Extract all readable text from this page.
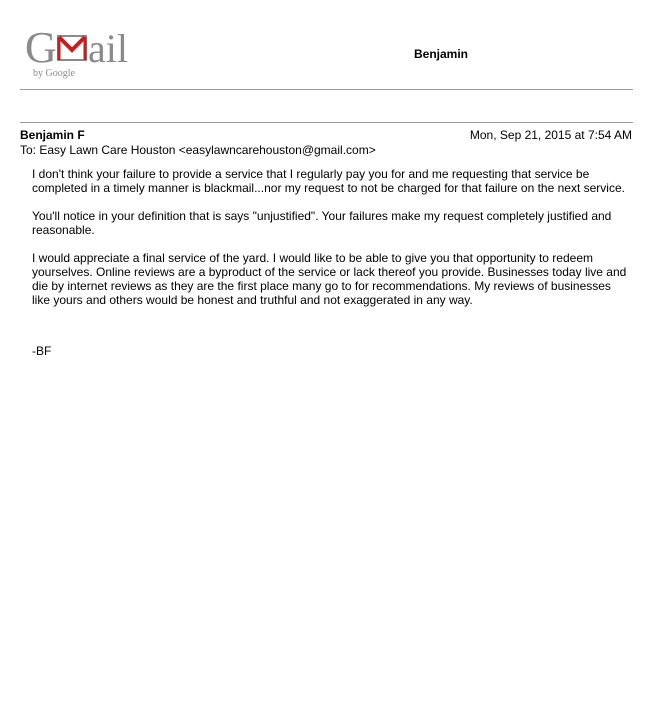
G ail
by Google
Benjamin
Benjamin F	Mon, Sep 21, 2015 at 7:54 AM
To: Easy Lawn Care Houston <easylawncarehouston@gmail.com>

I don't think your failure to provide a service that I regularly pay you for and me requesting that service be completed in a timely manner is blackmail...nor my request to not be charged for that failure on the next service.

You'll notice in your definition that is says "unjustified". Your failures make my request completely justified and reasonable.

I would appreciate a final service of the yard. I would like to be able to give you that opportunity to redeem yourselves. Online reviews are a byproduct of the service or lack thereof you provide. Businesses today live and die by internet reviews as they are the first place many go to for recommendations. My reviews of businesses like yours and others would be honest and truthful and not exaggerated in any way.

-BF
